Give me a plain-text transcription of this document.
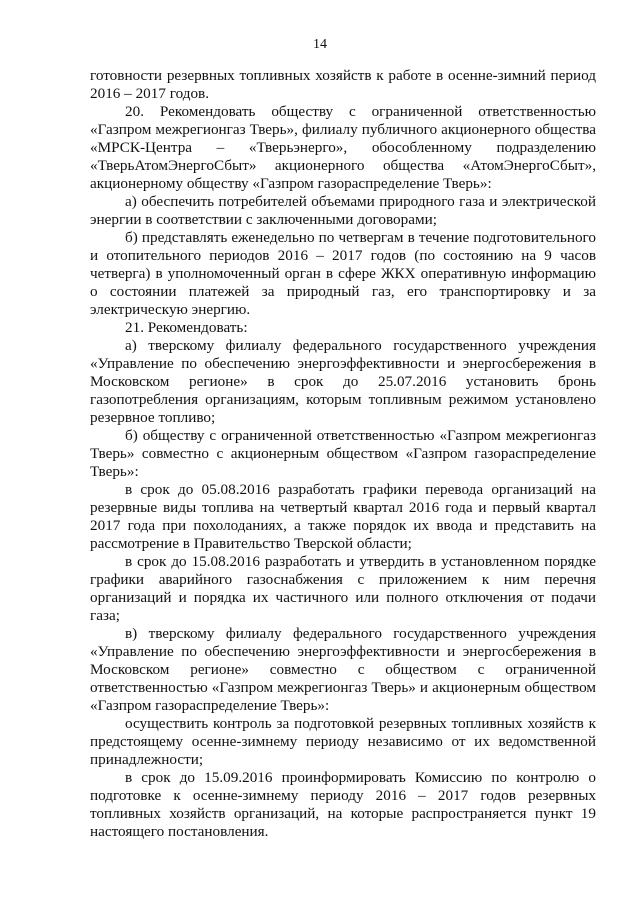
14

готовности резервных топливных хозяйств к работе в осенне-зимний период 2016 – 2017 годов.

20. Рекомендовать обществу с ограниченной ответственностью «Газпром межрегионгаз Тверь», филиалу публичного акционерного общества «МРСК-Центра – «Тверьэнерго», обособленному подразделению «ТверьАтомЭнергоСбыт» акционерного общества «АтомЭнергоСбыт», акционерному обществу «Газпром газораспределение Тверь»:

а) обеспечить потребителей объемами природного газа и электрической энергии в соответствии с заключенными договорами;

б) представлять еженедельно по четвергам в течение подготовительного и отопительного периодов 2016 – 2017 годов (по состоянию на 9 часов четверга) в уполномоченный орган в сфере ЖКХ оперативную информацию о состоянии платежей за природный газ, его транспортировку и за электрическую энергию.

21. Рекомендовать:

а) тверскому филиалу федерального государственного учреждения «Управление по обеспечению энергоэффективности и энергосбережения в Московском регионе» в срок до 25.07.2016 установить бронь газопотребления организациям, которым топливным режимом установлено резервное топливо;

б) обществу с ограниченной ответственностью «Газпром межрегионгаз Тверь» совместно с акционерным обществом «Газпром газораспределение Тверь»:

в срок до 05.08.2016 разработать графики перевода организаций на резервные виды топлива на четвертый квартал 2016 года и первый квартал 2017 года при похолоданиях, а также порядок их ввода и представить на рассмотрение в Правительство Тверской области;

в срок до 15.08.2016 разработать и утвердить в установленном порядке графики аварийного газоснабжения с приложением к ним перечня организаций и порядка их частичного или полного отключения от подачи газа;

в) тверскому филиалу федерального государственного учреждения «Управление по обеспечению энергоэффективности и энергосбережения в Московском регионе» совместно с обществом с ограниченной ответственностью «Газпром межрегионгаз Тверь» и акционерным обществом «Газпром газораспределение Тверь»:

осуществить контроль за подготовкой резервных топливных хозяйств к предстоящему осенне-зимнему периоду независимо от их ведомственной принадлежности;

в срок до 15.09.2016 проинформировать Комиссию по контролю о подготовке к осенне-зимнему периоду 2016 – 2017 годов резервных топливных хозяйств организаций, на которые распространяется пункт 19 настоящего постановления.
